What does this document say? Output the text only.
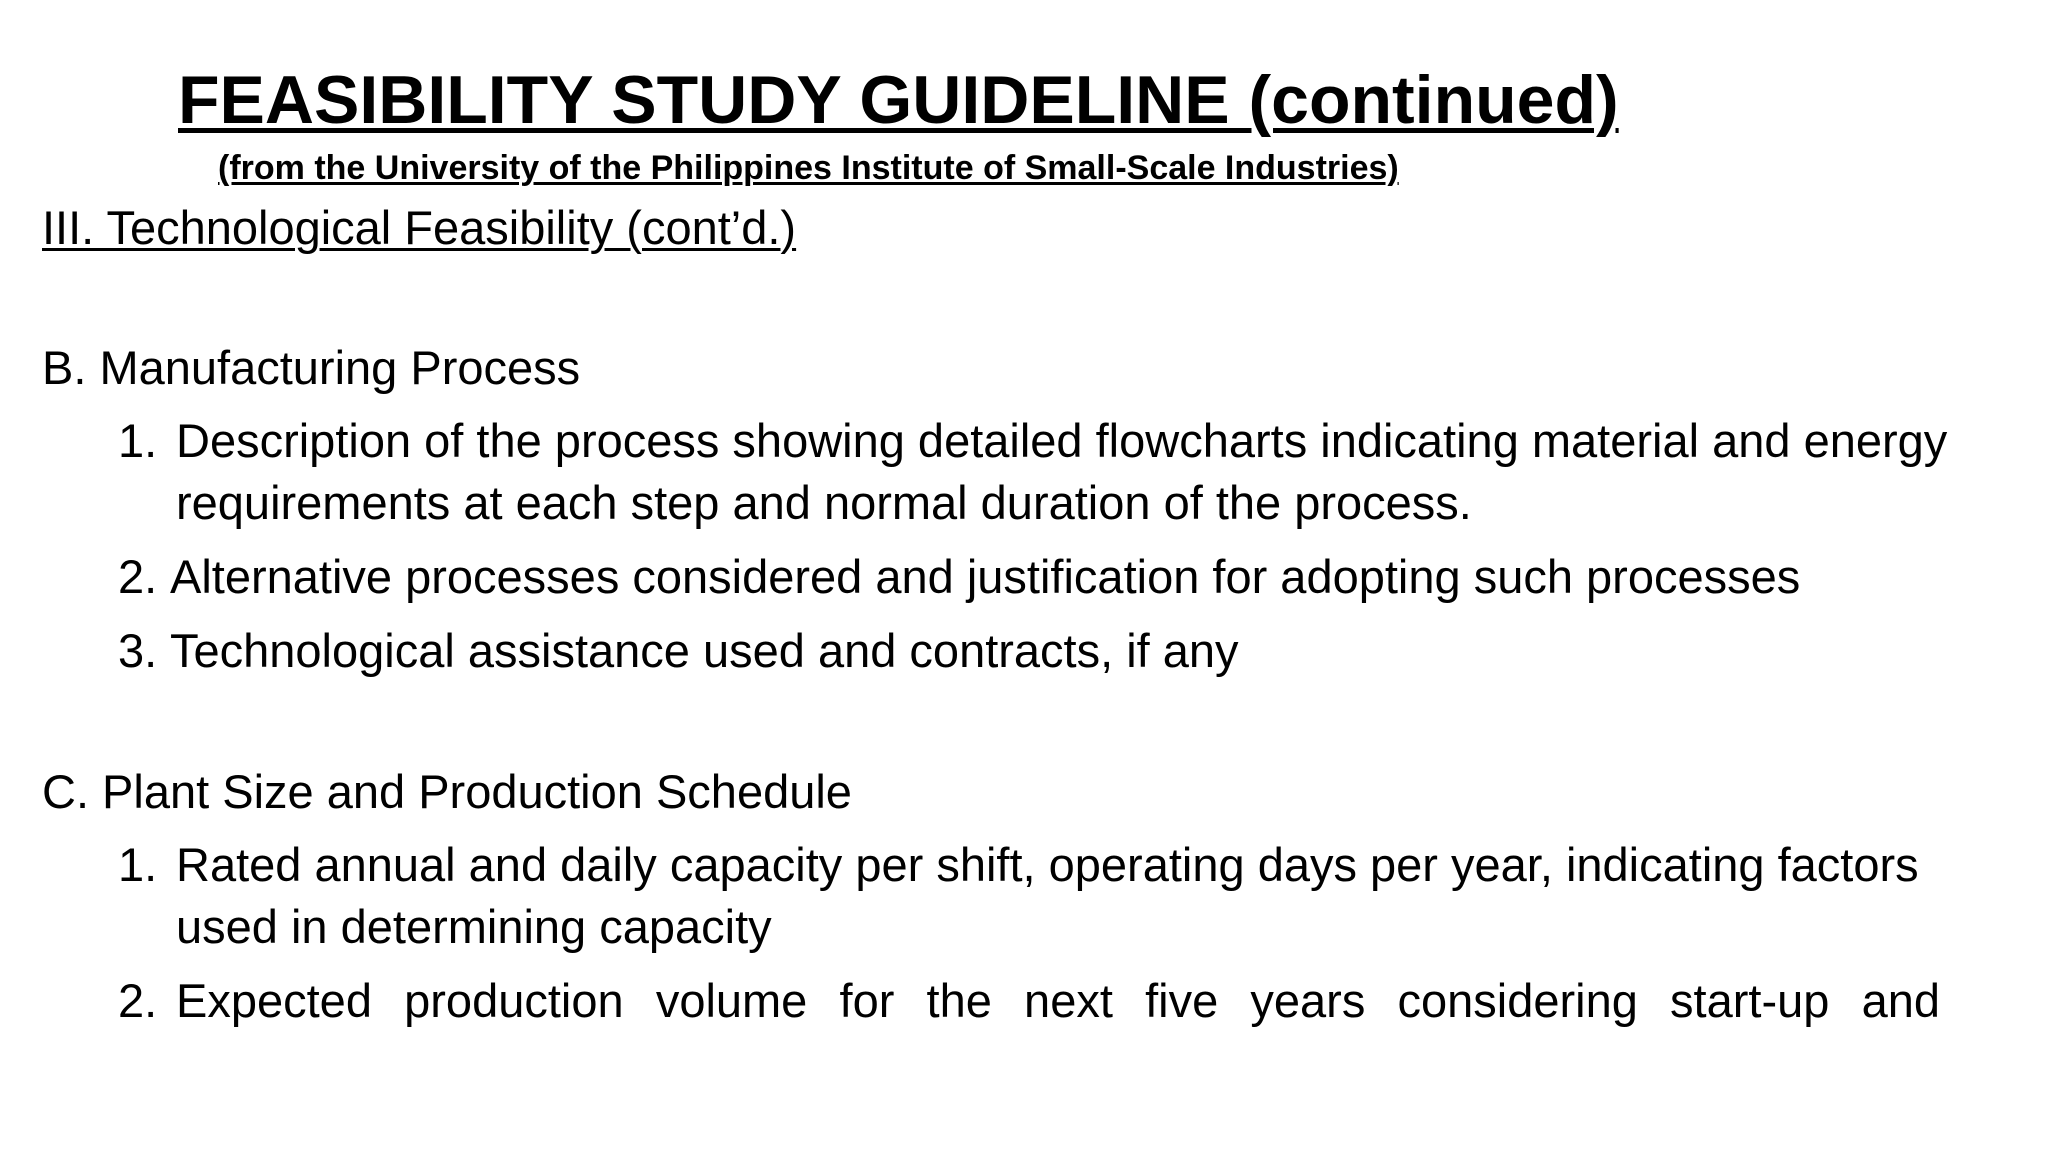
FEASIBILITY STUDY GUIDELINE (continued)

(from the University of the Philippines Institute of Small-Scale Industries)

III. Technological Feasibility (cont’d.)

B. Manufacturing Process

1. Description of the process showing detailed flowcharts indicating material and energy requirements at each step and normal duration of the process.
2. Alternative processes considered and justification for adopting such processes
3. Technological assistance used and contracts, if any

C. Plant Size and Production Schedule

1. Rated annual and daily capacity per shift, operating days per year, indicating factors used in determining capacity
2. Expected production volume for the next five years considering start-up and
